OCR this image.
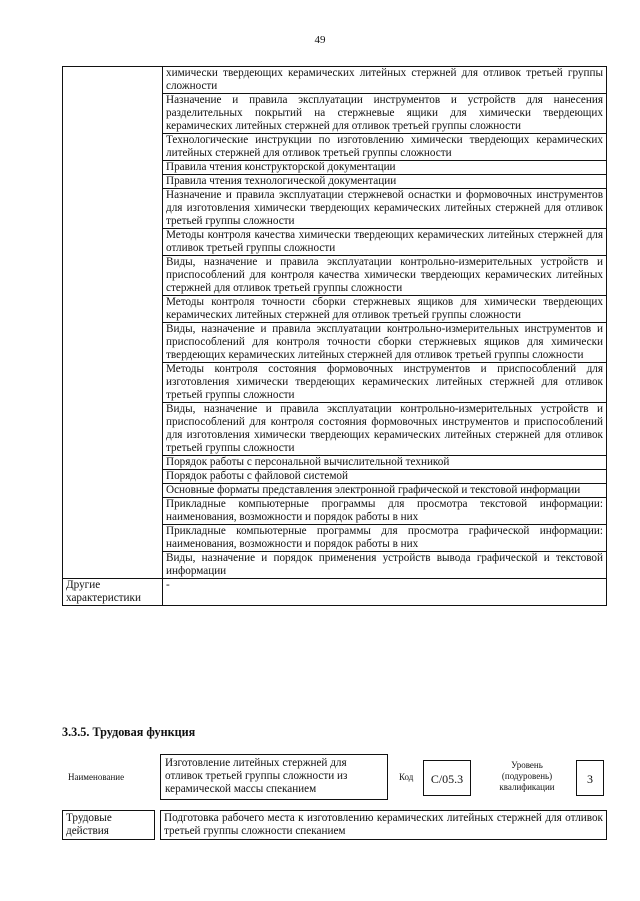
49
	химически твердеющих керамических литейных стержней для отливок третьей группы сложности
	Назначение и правила эксплуатации инструментов и устройств для нанесения разделительных покрытий на стержневые ящики для химически твердеющих керамических литейных стержней для отливок третьей группы сложности
	Технологические инструкции по изготовлению химически твердеющих керамических литейных стержней для отливок третьей группы сложности
	Правила чтения конструкторской документации
	Правила чтения технологической документации
	Назначение и правила эксплуатации стержневой оснастки и формовочных инструментов для изготовления химически твердеющих керамических литейных стержней для отливок третьей группы сложности
	Методы контроля качества химически твердеющих керамических литейных стержней для отливок третьей группы сложности
	Виды, назначение и правила эксплуатации контрольно-измерительных устройств и приспособлений для контроля качества химически твердеющих керамических литейных стержней для отливок третьей группы сложности
	Методы контроля точности сборки стержневых ящиков для химически твердеющих керамических литейных стержней для отливок третьей группы сложности
	Виды, назначение и правила эксплуатации контрольно-измерительных инструментов и приспособлений для контроля точности сборки стержневых ящиков для химически твердеющих керамических литейных стержней для отливок третьей группы сложности
	Методы контроля состояния формовочных инструментов и приспособлений для изготовления химически твердеющих керамических литейных стержней для отливок третьей группы сложности
	Виды, назначение и правила эксплуатации контрольно-измерительных устройств и приспособлений для контроля состояния формовочных инструментов и приспособлений для изготовления химически твердеющих керамических литейных стержней для отливок третьей группы сложности
	Порядок работы с персональной вычислительной техникой
	Порядок работы с файловой системой
	Основные форматы представления электронной графической и текстовой информации
	Прикладные компьютерные программы для просмотра текстовой информации: наименования, возможности и порядок работы в них
	Прикладные компьютерные программы для просмотра графической информации: наименования, возможности и порядок работы в них
	Виды, назначение и порядок применения устройств вывода графической и текстовой информации
Другие характеристики	-
3.3.5. Трудовая функция
Наименование
Изготовление литейных стержней для отливок третьей группы сложности из керамической массы спеканием
Код	C/05.3
Уровень (подуровень) квалификации
3
Трудовые действия		Подготовка рабочего места к изготовлению керамических литейных стержней для отливок третьей группы сложности спеканием
